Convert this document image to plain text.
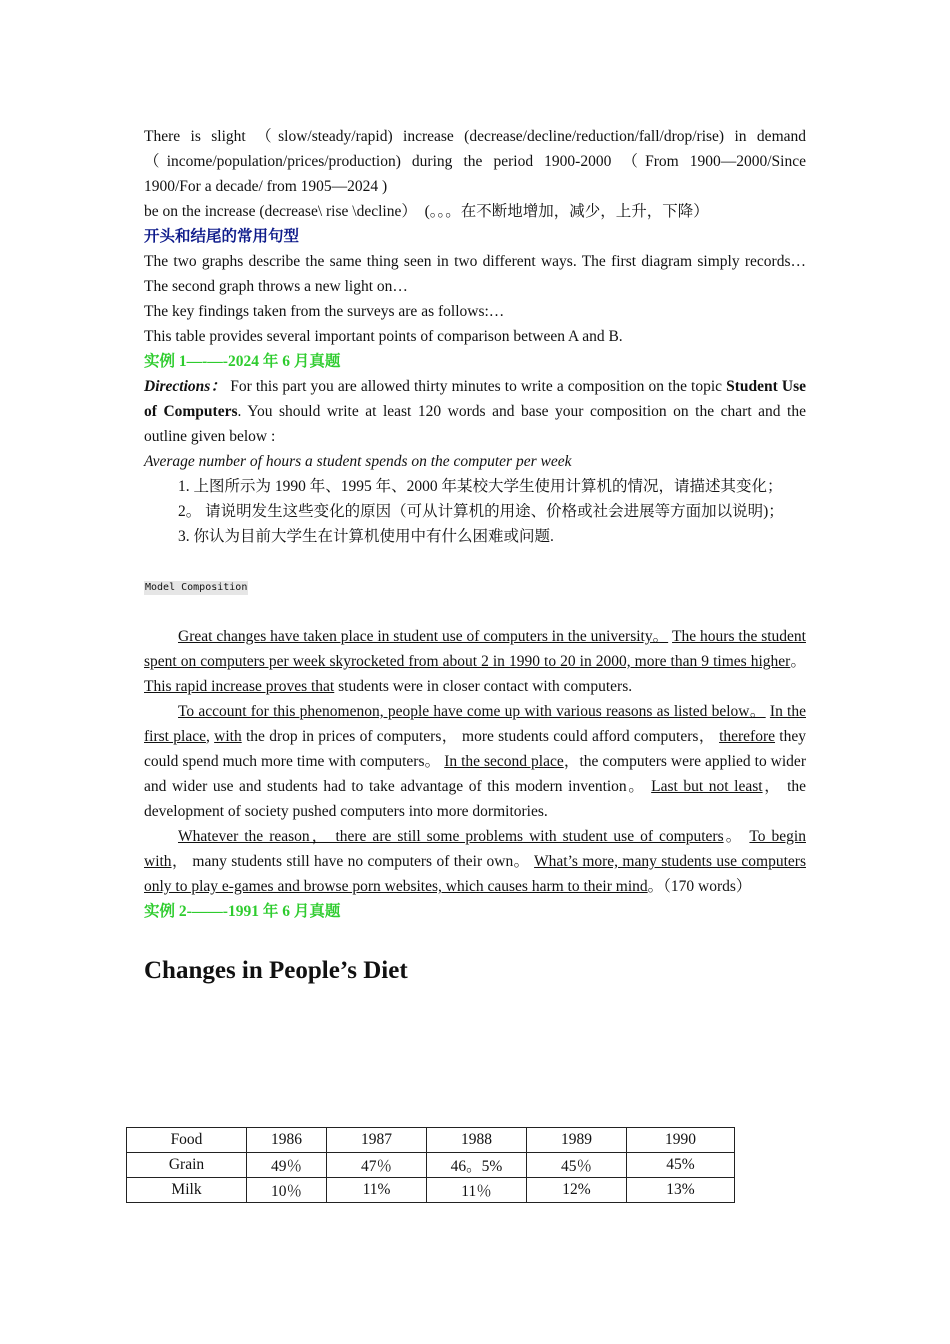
There is slight （slow/steady/rapid) increase (decrease/decline/reduction/fall/drop/rise) in demand（income/population/prices/production) during the period 1900-2000 （From 1900—2000/Since 1900/For a decade/ from 1905—2024 )
be on the increase (decrease\ rise \decline）　(。。。在不断地增加，减少，上升，下降）
开头和结尾的常用句型
The two graphs describe the same thing seen in two different ways. The first diagram simply records…The second graph throws a new light on…
The key findings taken from the surveys are as follows:…
This table provides several important points of comparison between A and B.
实例 1—-—-2024 年 6 月真题
Directions： For this part you are allowed thirty minutes to write a composition on the topic Student Use of Computers. You should write at least 120 words and base your composition on the chart and the outline given below :
Average number of hours a student spends on the computer per week
1. 上图所示为 1990 年、1995 年、2000 年某校大学生使用计算机的情况，请描述其变化；
2。 请说明发生这些变化的原因（可从计算机的用途、价格或社会进展等方面加以说明)；
3. 你认为目前大学生在计算机使用中有什么困难或问题.
Model Composition
Great changes have taken place in student use of computers in the university。 The hours the student spent on computers per week skyrocketed from about 2 in 1990 to 20 in 2000, more than 9 times higher。 This rapid increase proves that students were in closer contact with computers.
To account for this phenomenon, people have come up with various reasons as listed below。 In the first place, with the drop in prices of computers， more students could afford computers， therefore they could spend much more time with computers。 In the second place，the computers were applied to wider and wider use and students had to take advantage of this modern invention。 Last but not least， the development of society pushed computers into more dormitories.
Whatever the reason， there are still some problems with student use of computers。 To begin with， many students still have no computers of their own。 What’s more, many students use computers only to play e-games and browse porn websites, which causes harm to their mind。（170 words）
实例 2-——-1991 年 6 月真题
Changes in People’s Diet
Food	1986	1987	1988	1989	1990
Grain	49％	47％	46。5%	45％	45%
Milk	10％	11%	11％	12%	13%
